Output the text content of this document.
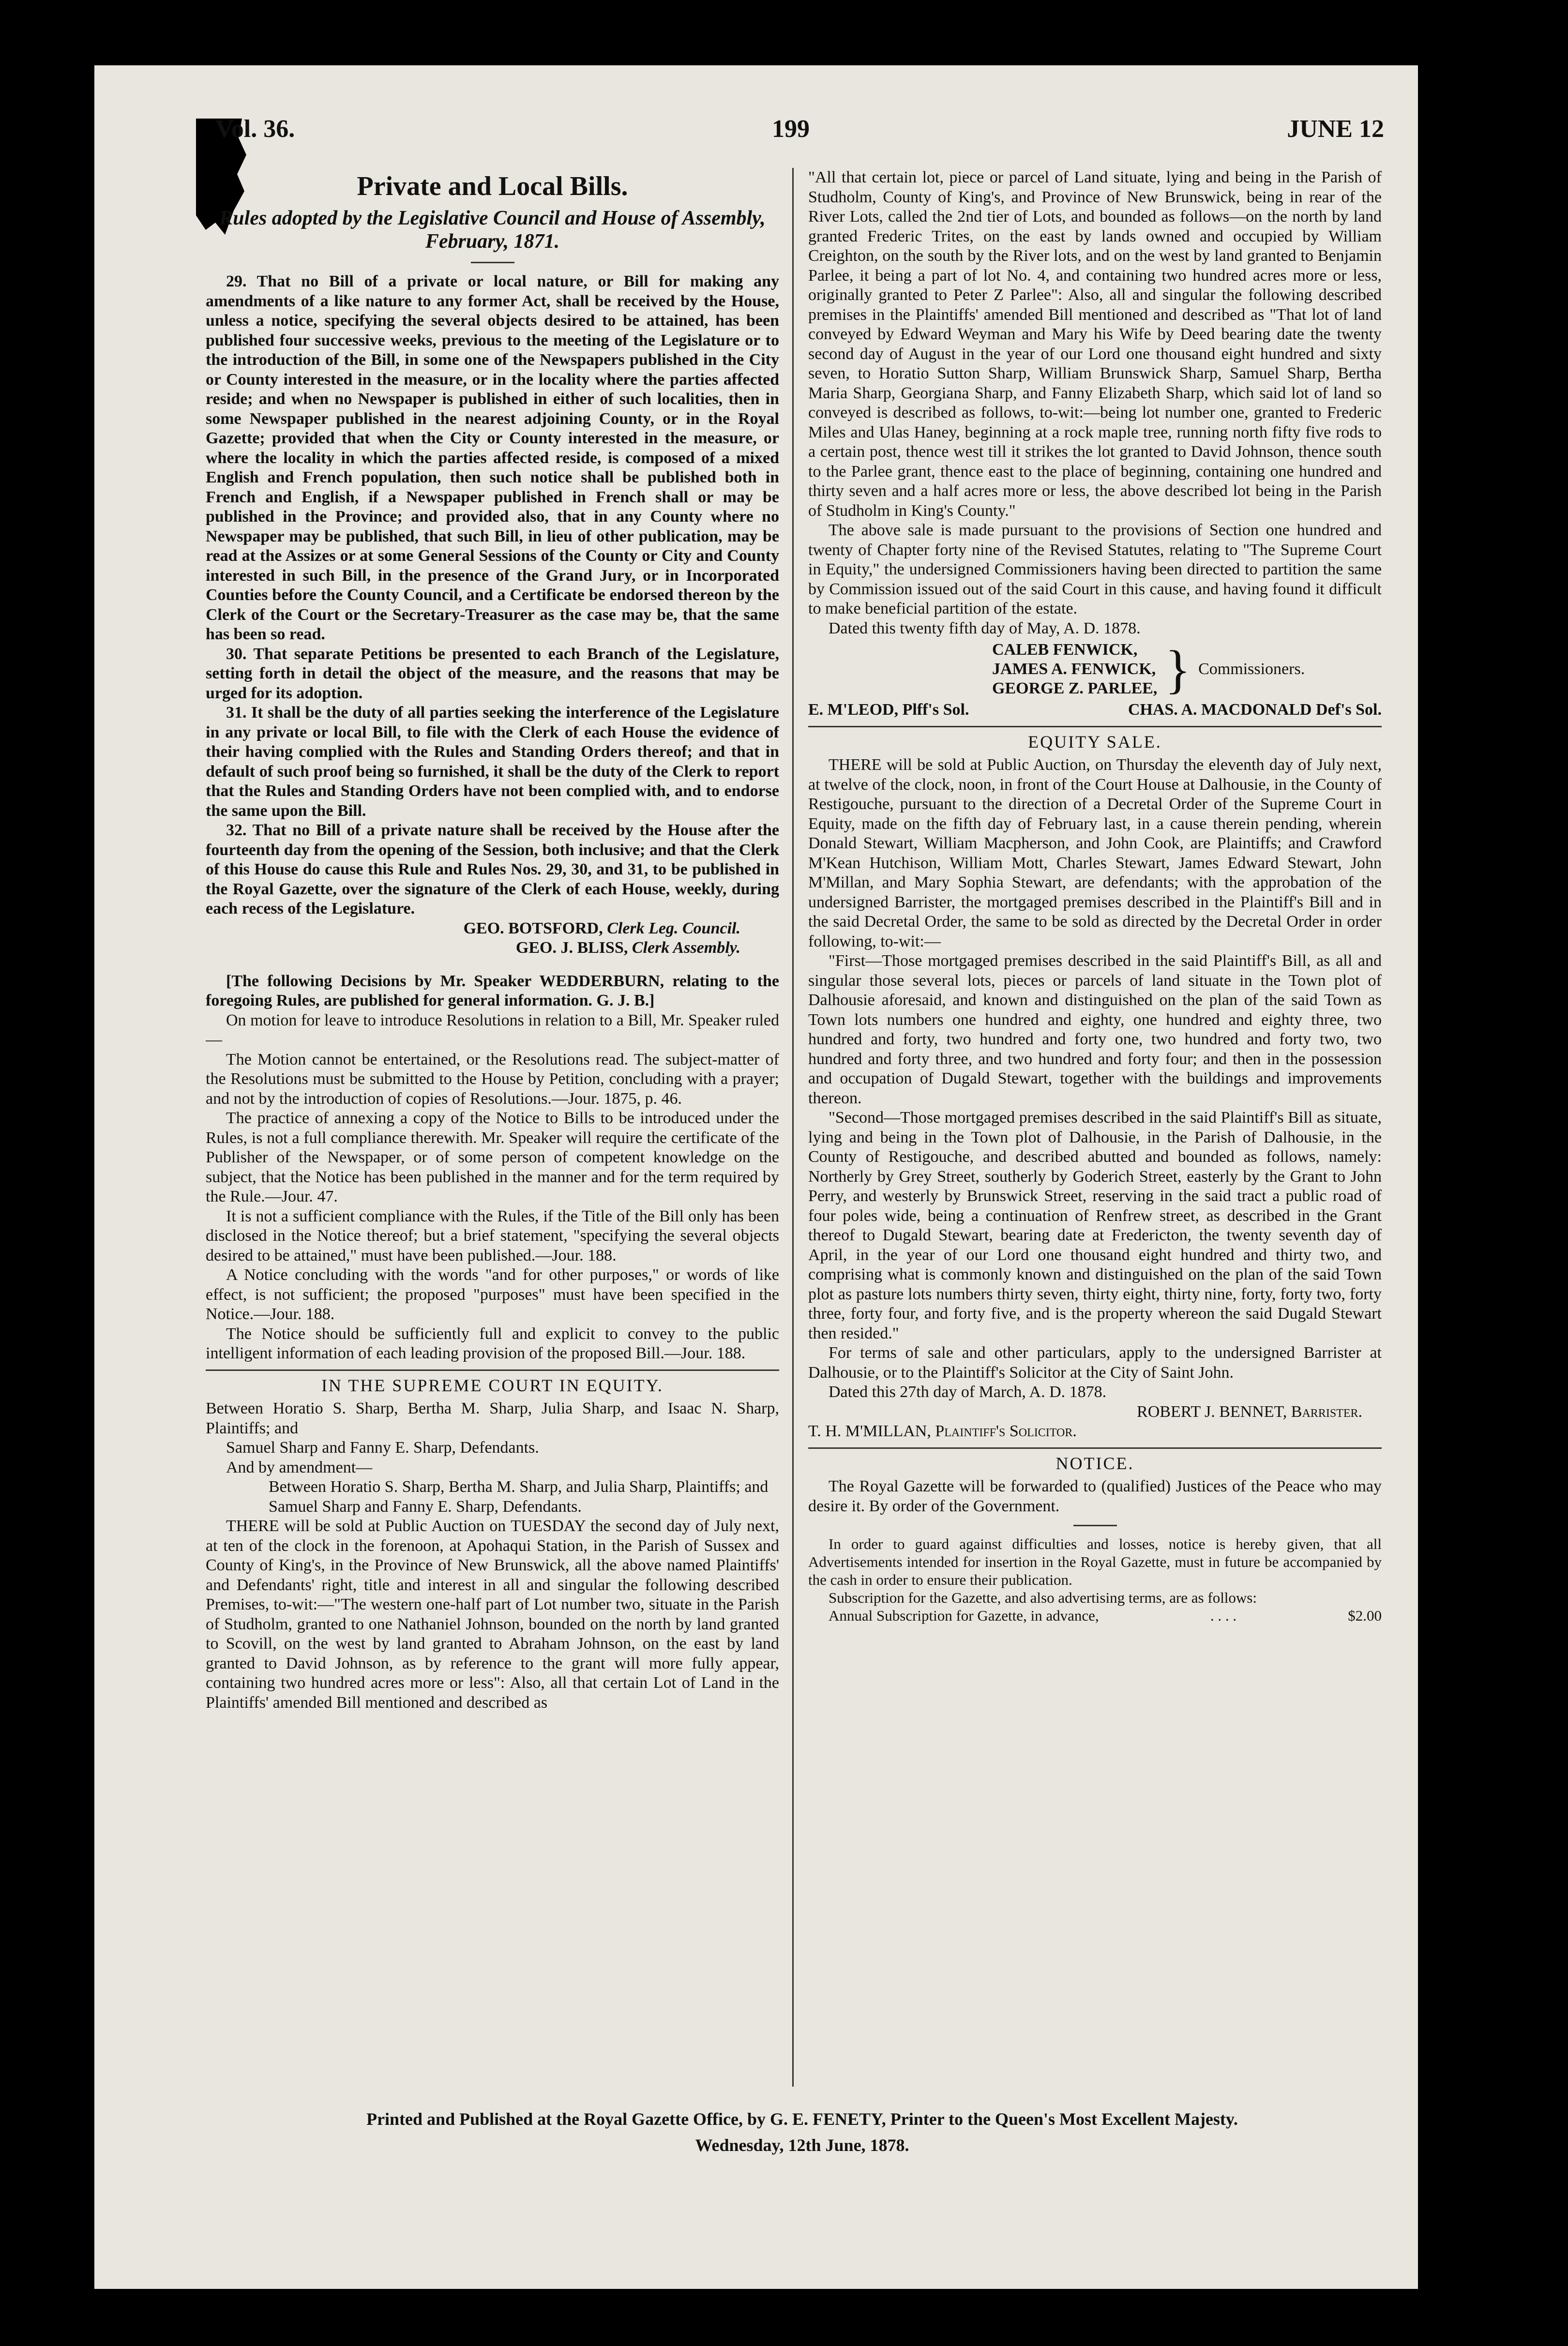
Vol. 36.	199	JUNE 12
Private and Local Bills.
Rules adopted by the Legislative Council and House of Assembly, February, 1871.

29. That no Bill of a private or local nature, or Bill for making any amendments of a like nature to any former Act, shall be received by the House, unless a notice, specifying the several objects desired to be attained, has been published four successive weeks, previous to the meeting of the Legislature or to the introduction of the Bill, in some one of the Newspapers published in the City or County interested in the measure, or in the locality where the parties affected reside; and when no Newspaper is published in either of such localities, then in some Newspaper published in the nearest adjoining County, or in the Royal Gazette; provided that when the City or County interested in the measure, or where the locality in which the parties affected reside, is composed of a mixed English and French population, then such notice shall be published both in French and English, if a Newspaper published in French shall or may be published in the Province; and provided also, that in any County where no Newspaper may be published, that such Bill, in lieu of other publication, may be read at the Assizes or at some General Sessions of the County or City and County interested in such Bill, in the presence of the Grand Jury, or in Incorporated Counties before the County Council, and a Certificate be endorsed thereon by the Clerk of the Court or the Secretary-Treasurer as the case may be, that the same has been so read.

30. That separate Petitions be presented to each Branch of the Legislature, setting forth in detail the object of the measure, and the reasons that may be urged for its adoption.

31. It shall be the duty of all parties seeking the interference of the Legislature in any private or local Bill, to file with the Clerk of each House the evidence of their having complied with the Rules and Standing Orders thereof; and that in default of such proof being so furnished, it shall be the duty of the Clerk to report that the Rules and Standing Orders have not been complied with, and to endorse the same upon the Bill.

32. That no Bill of a private nature shall be received by the House after the fourteenth day from the opening of the Session, both inclusive; and that the Clerk of this House do cause this Rule and Rules Nos. 29, 30, and 31, to be published in the Royal Gazette, over the signature of the Clerk of each House, weekly, during each recess of the Legislature.

GEO. BOTSFORD, Clerk Leg. Council.
GEO. J. BLISS, Clerk Assembly.

[The following Decisions by Mr. Speaker WEDDERBURN, relating to the foregoing Rules, are published for general information. G. J. B.]

On motion for leave to introduce Resolutions in relation to a Bill, Mr. Speaker ruled—

The Motion cannot be entertained, or the Resolutions read. The subject-matter of the Resolutions must be submitted to the House by Petition, concluding with a prayer; and not by the introduction of copies of Resolutions.—Jour. 1875, p. 46.

The practice of annexing a copy of the Notice to Bills to be introduced under the Rules, is not a full compliance therewith. Mr. Speaker will require the certificate of the Publisher of the Newspaper, or of some person of competent knowledge on the subject, that the Notice has been published in the manner and for the term required by the Rule.—Jour. 47.

It is not a sufficient compliance with the Rules, if the Title of the Bill only has been disclosed in the Notice thereof; but a brief statement, "specifying the several objects desired to be attained," must have been published.—Jour. 188.

A Notice concluding with the words "and for other purposes," or words of like effect, is not sufficient; the proposed "purposes" must have been specified in the Notice.—Jour. 188.

The Notice should be sufficiently full and explicit to convey to the public intelligent information of each leading provision of the proposed Bill.—Jour. 188.

IN THE SUPREME COURT IN EQUITY.

Between Horatio S. Sharp, Bertha M. Sharp, Julia Sharp, and Isaac N. Sharp, Plaintiffs; and

Samuel Sharp and Fanny E. Sharp, Defendants.

And by amendment—

Between Horatio S. Sharp, Bertha M. Sharp, and Julia Sharp, Plaintiffs; and

Samuel Sharp and Fanny E. Sharp, Defendants.

THERE will be sold at Public Auction on TUESDAY the second day of July next, at ten of the clock in the forenoon, at Apohaqui Station, in the Parish of Sussex and County of King's, in the Province of New Brunswick, all the above named Plaintiffs' and Defendants' right, title and interest in all and singular the following described Premises, to-wit:—"The western one-half part of Lot number two, situate in the Parish of Studholm, granted to one Nathaniel Johnson, bounded on the north by land granted to Scovill, on the west by land granted to Abraham Johnson, on the east by land granted to David Johnson, as by reference to the grant will more fully appear, containing two hundred acres more or less": Also, all that certain Lot of Land in the Plaintiffs' amended Bill mentioned and described as

"All that certain lot, piece or parcel of Land situate, lying and being in the Parish of Studholm, County of King's, and Province of New Brunswick, being in rear of the River Lots, called the 2nd tier of Lots, and bounded as follows—on the north by land granted Frederic Trites, on the east by lands owned and occupied by William Creighton, on the south by the River lots, and on the west by land granted to Benjamin Parlee, it being a part of lot No. 4, and containing two hundred acres more or less, originally granted to Peter Z Parlee": Also, all and singular the following described premises in the Plaintiffs' amended Bill mentioned and described as "That lot of land conveyed by Edward Weyman and Mary his Wife by Deed bearing date the twenty second day of August in the year of our Lord one thousand eight hundred and sixty seven, to Horatio Sutton Sharp, William Brunswick Sharp, Samuel Sharp, Bertha Maria Sharp, Georgiana Sharp, and Fanny Elizabeth Sharp, which said lot of land so conveyed is described as follows, to-wit:—being lot number one, granted to Frederic Miles and Ulas Haney, beginning at a rock maple tree, running north fifty five rods to a certain post, thence west till it strikes the lot granted to David Johnson, thence south to the Parlee grant, thence east to the place of beginning, containing one hundred and thirty seven and a half acres more or less, the above described lot being in the Parish of Studholm in King's County."

The above sale is made pursuant to the provisions of Section one hundred and twenty of Chapter forty nine of the Revised Statutes, relating to "The Supreme Court in Equity," the undersigned Commissioners having been directed to partition the same by Commission issued out of the said Court in this cause, and having found it difficult to make beneficial partition of the estate.

Dated this twenty fifth day of May, A. D. 1878.

CALEB FENWICK,
JAMES A. FENWICK,
GEORGE Z. PARLEE, } Commissioners.
E. M'LEOD, Plff's Sol.	CHAS. A. MACDONALD Def's Sol.
EQUITY SALE.

THERE will be sold at Public Auction, on Thursday the eleventh day of July next, at twelve of the clock, noon, in front of the Court House at Dalhousie, in the County of Restigouche, pursuant to the direction of a Decretal Order of the Supreme Court in Equity, made on the fifth day of February last, in a cause therein pending, wherein Donald Stewart, William Macpherson, and John Cook, are Plaintiffs; and Crawford M'Kean Hutchison, William Mott, Charles Stewart, James Edward Stewart, John M'Millan, and Mary Sophia Stewart, are defendants; with the approbation of the undersigned Barrister, the mortgaged premises described in the Plaintiff's Bill and in the said Decretal Order, the same to be sold as directed by the Decretal Order in order following, to-wit:—

"First—Those mortgaged premises described in the said Plaintiff's Bill, as all and singular those several lots, pieces or parcels of land situate in the Town plot of Dalhousie aforesaid, and known and distinguished on the plan of the said Town as Town lots numbers one hundred and eighty, one hundred and eighty three, two hundred and forty, two hundred and forty one, two hundred and forty two, two hundred and forty three, and two hundred and forty four; and then in the possession and occupation of Dugald Stewart, together with the buildings and improvements thereon.

"Second—Those mortgaged premises described in the said Plaintiff's Bill as situate, lying and being in the Town plot of Dalhousie, in the Parish of Dalhousie, in the County of Restigouche, and described abutted and bounded as follows, namely: Northerly by Grey Street, southerly by Goderich Street, easterly by the Grant to John Perry, and westerly by Brunswick Street, reserving in the said tract a public road of four poles wide, being a continuation of Renfrew street, as described in the Grant thereof to Dugald Stewart, bearing date at Fredericton, the twenty seventh day of April, in the year of our Lord one thousand eight hundred and thirty two, and comprising what is commonly known and distinguished on the plan of the said Town plot as pasture lots numbers thirty seven, thirty eight, thirty nine, forty, forty two, forty three, forty four, and forty five, and is the property whereon the said Dugald Stewart then resided."

For terms of sale and other particulars, apply to the undersigned Barrister at Dalhousie, or to the Plaintiff's Solicitor at the City of Saint John.

Dated this 27th day of March, A. D. 1878.

ROBERT J. BENNET, Barrister.

T. H. M'MILLAN, Plaintiff's Solicitor.

NOTICE.

The Royal Gazette will be forwarded to (qualified) Justices of the Peace who may desire it. By order of the Government.

In order to guard against difficulties and losses, notice is hereby given, that all Advertisements intended for insertion in the Royal Gazette, must in future be accompanied by the cash in order to ensure their publication.

Subscription for the Gazette, and also advertising terms, are as follows:

Annual Subscription for Gazette, in advance,	. . . .	$2.00
Printed and Published at the Royal Gazette Office, by G. E. FENETY, Printer to the Queen's Most Excellent Majesty.
Wednesday, 12th June, 1878.
